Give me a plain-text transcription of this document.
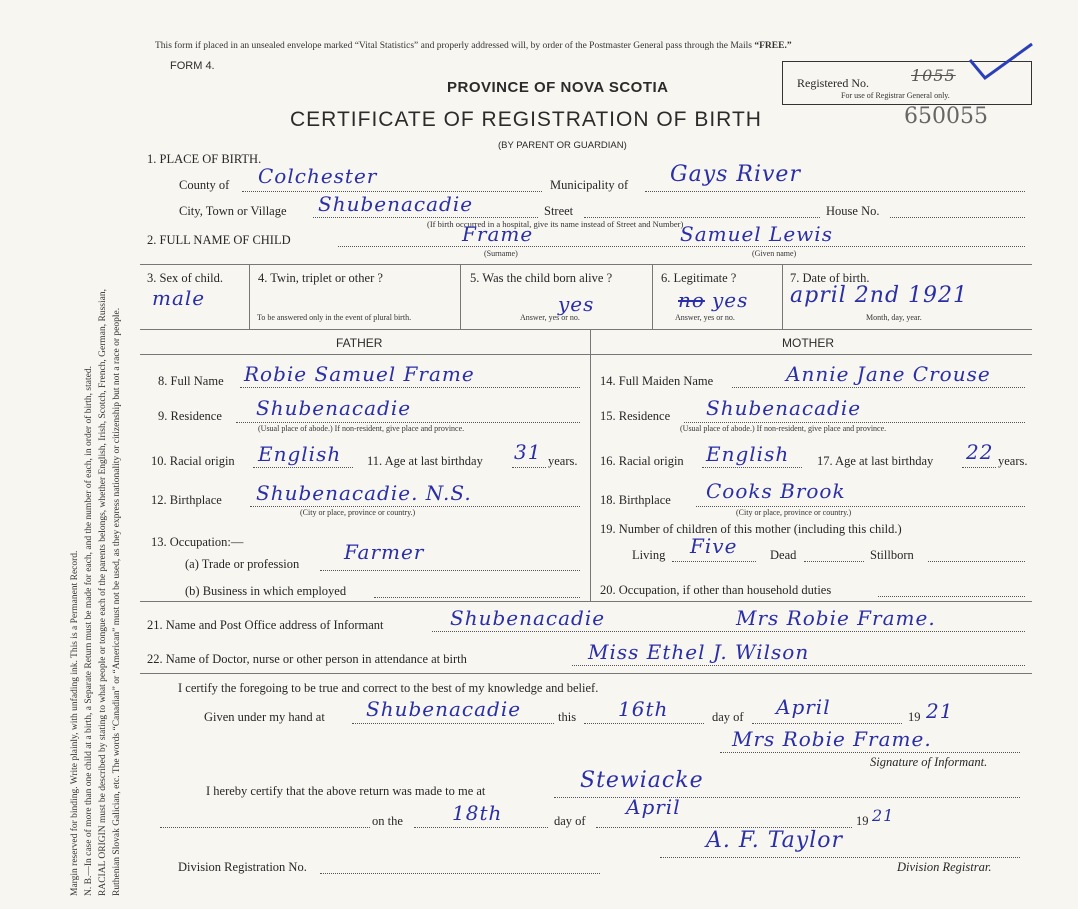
Margin reserved for binding. Write plainly, with unfading ink. This is a Permanent Record. N. B.—In case of more than one child at a birth, a Separate Return must be made for each, and the number of each, in order of birth, stated. RACIAL ORIGIN must be described by stating to what people or tongue each of the parents belongs, whether English, Irish, Scotch, French, German, Russian, Ruthenian Slovak Galician, etc. The words “Canadian” or “American” must not be used, as they express nationality or citizenship but not a race or people.
This form if placed in an unsealed envelope marked “Vital Statistics” and properly addressed will, by order of the Postmaster General pass through the Mails “FREE.”
FORM 4.
PROVINCE OF NOVA SCOTIA
CERTIFICATE OF REGISTRATION OF BIRTH
(BY PARENT OR GUARDIAN)
Registered No.	1055
For use of Registrar General only.
650055
1. PLACE OF BIRTH.
County of Colchester	Municipality of Gays River
City, Town or Village Shubenacadie	Street	House No.
(If birth occurred in a hospital, give its name instead of Street and Number)
2. FULL NAME OF CHILD	Frame
(Surname)
Samuel Lewis
(Given name)
3. Sex of child.
male
4. Twin, triplet or other ?
To be answered only in the event of plural birth.
5. Was the child born alive ?
yes
Answer, yes or no.
6. Legitimate ?
no yes
Answer, yes or no.
7. Date of birth.
april 2nd 1921
Month, day, year.
FATHER	MOTHER
8. Full Name Robie Samuel Frame
9. Residence Shubenacadie
(Usual place of abode.) If non-resident, give place and province.
10. Racial origin English 11. Age at last birthday 31 years.
12. Birthplace Shubenacadie. N.S.
(City or place, province or country.)
13. Occupation:—
(a) Trade or profession Farmer
(b) Business in which employed
14. Full Maiden Name	Annie Jane Crouse
15. Residence Shubenacadie
(Usual place of abode.) If non-resident, give place and province.
16. Racial origin English 17. Age at last birthday 22 years.
18. Birthplace Cooks Brook
(City or place, province or country.)
19. Number of children of this mother (including this child.)
Living Five	Dead	Stillborn
20. Occupation, if other than household duties
21. Name and Post Office address of Informant	Shubenacadie	Mrs Robie Frame.
22. Name of Doctor, nurse or other person in attendance at birth	Miss Ethel J. Wilson
I certify the foregoing to be true and correct to the best of my knowledge and belief.
Given under my hand at Shubenacadie	this 16th	day of April	19 21
Mrs Robie Frame.
Signature of Informant.
I hereby certify that the above return was made to me at	Stewiacke
on the 18th	day of
April
19 21
A. F. Taylor
Division Registration No.	Division Registrar.
